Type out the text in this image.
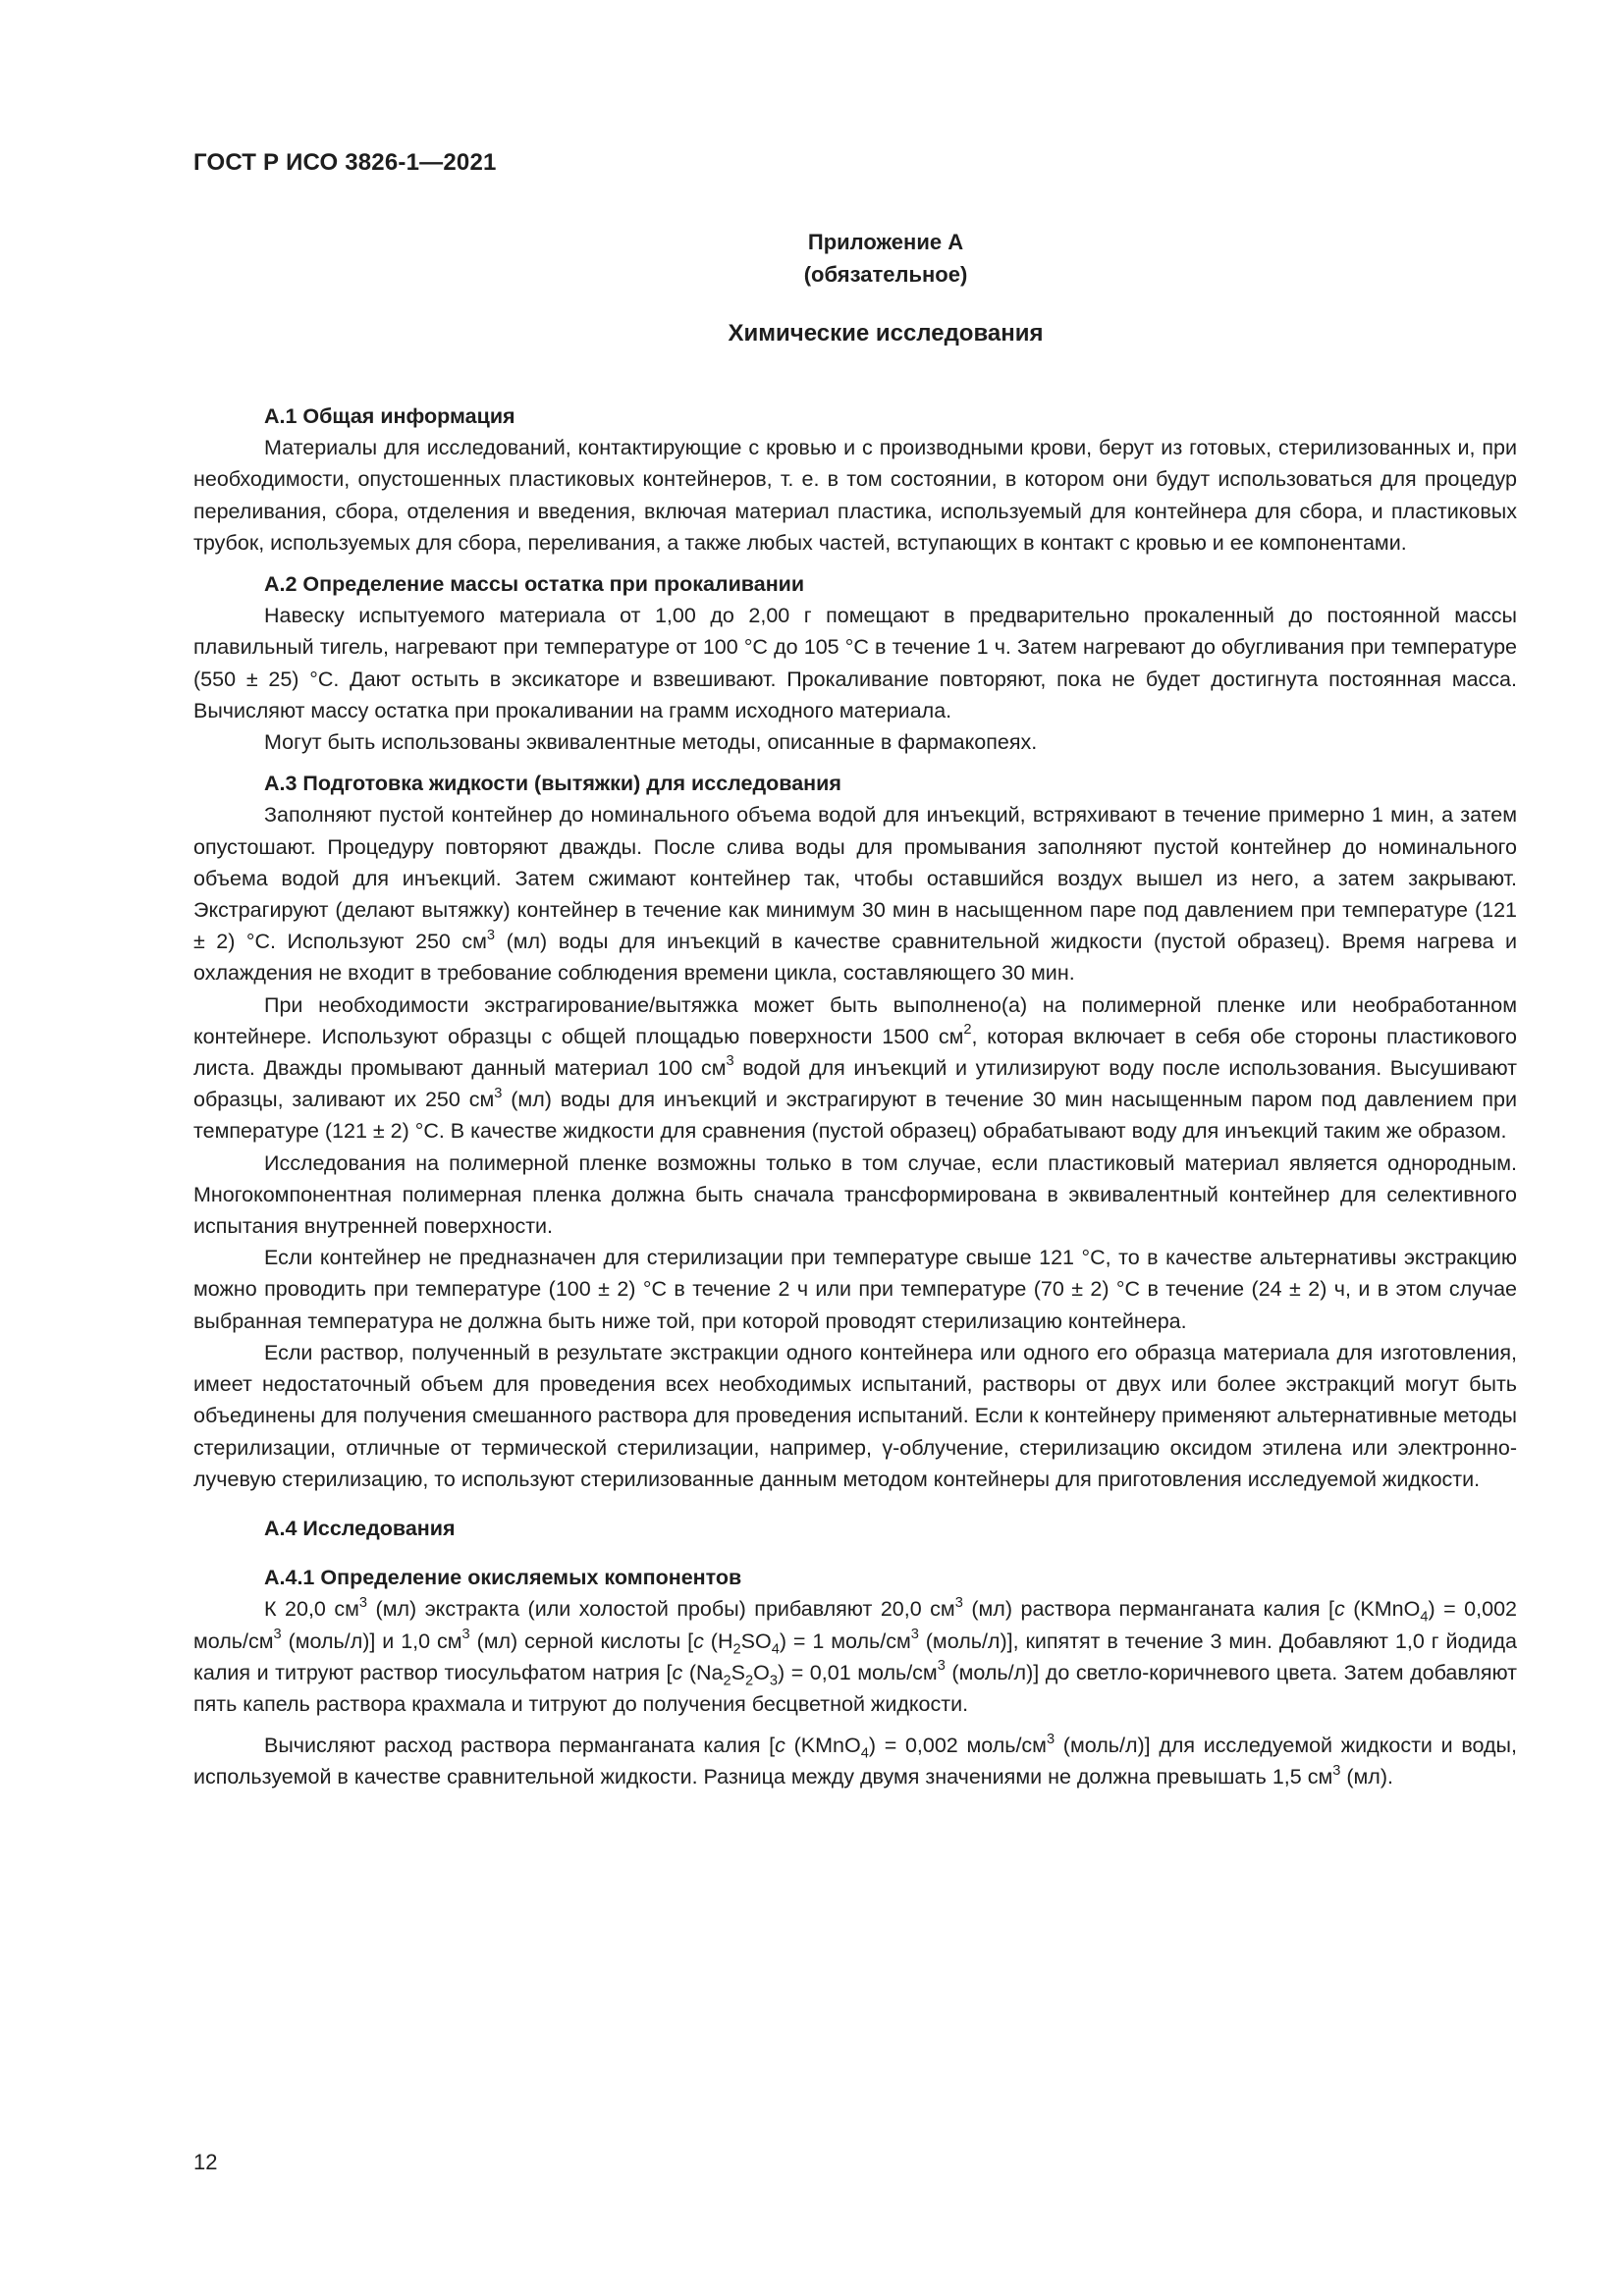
ГОСТ Р ИСО 3826-1—2021
Приложение А
(обязательное)
Химические исследования
А.1 Общая информация

Материалы для исследований, контактирующие с кровью и с производными крови, берут из готовых, стерилизованных и, при необходимости, опустошенных пластиковых контейнеров, т. е. в том состоянии, в котором они будут использоваться для процедур переливания, сбора, отделения и введения, включая материал пластика, используемый для контейнера для сбора, и пластиковых трубок, используемых для сбора, переливания, а также любых частей, вступающих в контакт с кровью и ее компонентами.

А.2 Определение массы остатка при прокаливании

Навеску испытуемого материала от 1,00 до 2,00 г помещают в предварительно прокаленный до постоянной массы плавильный тигель, нагревают при температуре от 100 °С до 105 °С в течение 1 ч. Затем нагревают до обугливания при температуре (550 ± 25) °С. Дают остыть в эксикаторе и взвешивают. Прокаливание повторяют, пока не будет достигнута постоянная масса. Вычисляют массу остатка при прокаливании на грамм исходного материала.

Могут быть использованы эквивалентные методы, описанные в фармакопеях.

А.3 Подготовка жидкости (вытяжки) для исследования

Заполняют пустой контейнер до номинального объема водой для инъекций, встряхивают в течение примерно 1 мин, а затем опустошают. Процедуру повторяют дважды. После слива воды для промывания заполняют пустой контейнер до номинального объема водой для инъекций. Затем сжимают контейнер так, чтобы оставшийся воздух вышел из него, а затем закрывают. Экстрагируют (делают вытяжку) контейнер в течение как минимум 30 мин в насыщенном паре под давлением при температуре (121 ± 2) °С. Используют 250 $см^3$ (мл) воды для инъекций в качестве сравнительной жидкости (пустой образец). Время нагрева и охлаждения не входит в требование соблюдения времени цикла, составляющего 30 мин.

При необходимости экстрагирование/вытяжка может быть выполнено(а) на полимерной пленке или необработанном контейнере. Используют образцы с общей площадью поверхности 1500 $см^2$, которая включает в себя обе стороны пластикового листа. Дважды промывают данный материал 100 $см^3$ водой для инъекций и утилизируют воду после использования. Высушивают образцы, заливают их 250 $см^3$ (мл) воды для инъекций и экстрагируют в течение 30 мин насыщенным паром под давлением при температуре (121 ± 2) °С. В качестве жидкости для сравнения (пустой образец) обрабатывают воду для инъекций таким же образом.

Исследования на полимерной пленке возможны только в том случае, если пластиковый материал является однородным. Многокомпонентная полимерная пленка должна быть сначала трансформирована в эквивалентный контейнер для селективного испытания внутренней поверхности.

Если контейнер не предназначен для стерилизации при температуре свыше 121 °С, то в качестве альтернативы экстракцию можно проводить при температуре (100 ± 2) °С в течение 2 ч или при температуре (70 ± 2) °С в течение (24 ± 2) ч, и в этом случае выбранная температура не должна быть ниже той, при которой проводят стерилизацию контейнера.

Если раствор, полученный в результате экстракции одного контейнера или одного его образца материала для изготовления, имеет недостаточный объем для проведения всех необходимых испытаний, растворы от двух или более экстракций могут быть объединены для получения смешанного раствора для проведения испытаний. Если к контейнеру применяют альтернативные методы стерилизации, отличные от термической стерилизации, например, γ-облучение, стерилизацию оксидом этилена или электронно-лучевую стерилизацию, то используют стерилизованные данным методом контейнеры для приготовления исследуемой жидкости.

А.4 Исследования
А.4.1 Определение окисляемых компонентов

К 20,0 $см^3$ (мл) экстракта (или холостой пробы) прибавляют 20,0 $см^3$ (мл) раствора перманганата калия [c (KMnO$_4$) = 0,002 моль/$см^3$ (моль/л)] и 1,0 $см^3$ (мл) серной кислоты [c $(H_2SO_4) = 1$ моль/$см^3$ (моль/л)], кипятят в течение 3 мин. Добавляют 1,0 г йодида калия и титруют раствор тиосульфатом натрия [c $(Na_2S_2O_3) = 0,01$ моль/$см^3$ (моль/л)] до светло-коричневого цвета. Затем добавляют пять капель раствора крахмала и титруют до получения бесцветной жидкости.

Вычисляют расход раствора перманганата калия [c (KMnO$_4$) = 0,002 моль/$см^3$ (моль/л)] для исследуемой жидкости и воды, используемой в качестве сравнительной жидкости. Разница между двумя значениями не должна превышать 1,5 $см^3$ (мл).

12
